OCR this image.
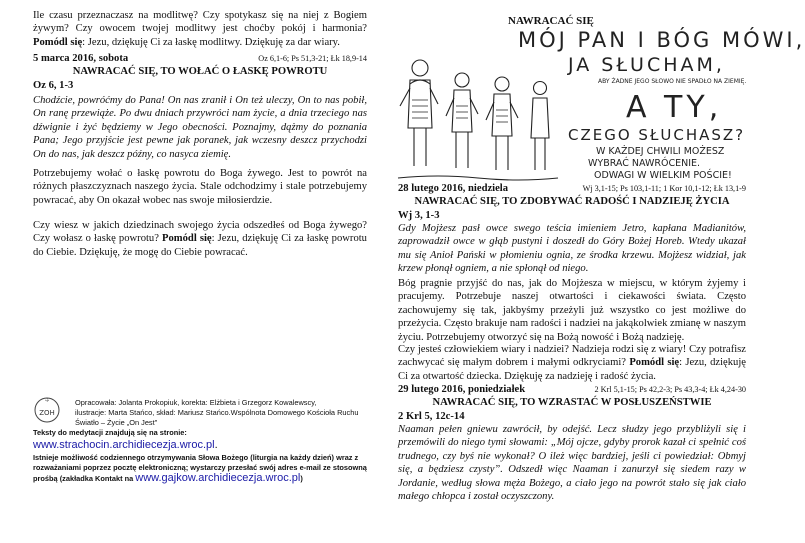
Ile czasu przeznaczasz na modlitwę? Czy spotykasz się na niej z Bogiem żywym? Czy owocem twojej modlitwy jest choćby pokój i harmonia? Pomódl się: Jezu, dziękuję Ci za łaskę modlitwy. Dziękuję za dar wiary.

5 marca 2016, sobota	Oz 6,1-6; Ps 51,3-21; Łk 18,9-14

NAWRACAĆ SIĘ, TO WOŁAĆ O ŁASKĘ POWROTU

Oz 6, 1-3

Chodźcie, powróćmy do Pana! On nas zranił i On też uleczy, On to nas pobił, On ranę przewiąże. Po dwu dniach przywróci nam życie, a dnia trzeciego nas dźwignie i żyć będziemy w Jego obecności. Poznajmy, dążmy do poznania Pana; Jego przyjście jest pewne jak poranek, jak wczesny deszcz przychodzi On do nas, jak deszcz późny, co nasyca ziemię.

Potrzebujemy wołać o łaskę powrotu do Boga żywego. Jest to powrót na różnych płaszczyznach naszego życia. Stale odchodzimy i stale potrzebujemy powracać, aby On okazał wobec nas swoje miłosierdzie.

Czy wiesz w jakich dziedzinach swojego życia odszedłeś od Boga żywego? Czy wołasz o łaskę powrotu? Pomódl się: Jezu, dziękuję Ci za łaskę powrotu do Ciebie. Dziękuję, że mogę do Ciebie powracać.

☩
ZOH
Opracowała: Jolanta Prokopiuk, korekta: Elżbieta i Grzegorz Kowalewscy,
ilustracje: Marta Stańco, skład: Mariusz Stańco.Wspólnota Domowego Kościoła Ruchu
Światło – Życie „On Jest"
Teksty do medytacji znajdują się na stronie:
www.strachocin.archidiecezja.wroc.pl.
Istnieje możliwość codziennego otrzymywania Słowa Bożego (liturgia na każdy dzień) wraz z
rozważaniami poprzez pocztę elektroniczną; wystarczy przesłać swój adres e-mail ze stosowną
prośbą (zakładka Kontakt na www.gajkow.archidiecezja.wroc.pl)

NAWRACAĆ SIĘ

MÓJ PAN I BÓG MÓWI,
JA SŁUCHAM,
ABY ŻADNE JEGO SŁOWO NIE SPADŁO NA ZIEMIĘ.
A TY,
CZEGO SŁUCHASZ?
W KAŻDEJ CHWILI MOŻESZ
WYBRAĆ NAWRÓCENIE.
ODWAGI W WIELKIM POŚCIE!
28 lutego 2016, niedziela	Wj 3,1-15; Ps 103,1-11; 1 Kor 10,1-12; Łk 13,1-9

NAWRACAĆ SIĘ, TO ZDOBYWAĆ RADOŚĆ I NADZIEJĘ ŻYCIA

Wj 3, 1-3

Gdy Mojżesz pasł owce swego teścia imieniem Jetro, kapłana Madianitów, zaprowadził owce w głąb pustyni i doszedł do Góry Bożej Horeb. Wtedy ukazał mu się Anioł Pański w płomieniu ognia, ze środka krzewu. Mojżesz widział, jak krzew płonął ogniem, a nie spłonął od niego.

Bóg pragnie przyjść do nas, jak do Mojżesza w miejscu, w którym żyjemy i pracujemy. Potrzebuje naszej otwartości i ciekawości świata. Często zachowujemy się tak, jakbyśmy przeżyli już wszystko co jest możliwe do przeżycia. Często brakuje nam radości i nadziei na jakąkolwiek zmianę w naszym życiu. Potrzebujemy otworzyć się na Bożą nowość i Bożą nadzieję.

Czy jesteś człowiekiem wiary i nadziei? Nadzieja rodzi się z wiary! Czy potrafisz zachwycać się małym dobrem i małymi odkryciami? Pomódl się: Jezu, dziękuję Ci za otwartość dziecka. Dziękuję za nadzieję i radość życia.

29 lutego 2016, poniedziałek	2 Krl 5,1-15; Ps 42,2-3; Ps 43,3-4; Łk 4,24-30

NAWRACAĆ SIĘ, TO WZRASTAĆ W POSŁUSZEŃSTWIE

2 Krl 5, 12c-14

Naaman pełen gniewu zawrócił, by odejść. Lecz słudzy jego przybliżyli się i przemówili do niego tymi słowami: „Mój ojcze, gdyby prorok kazał ci spełnić coś trudnego, czy byś nie wykonał? O ileż więc bardziej, jeśli ci powiedział: Obmyj się, a będziesz czysty”. Odszedł więc Naaman i zanurzył się siedem razy w Jordanie, według słowa męża Bożego, a ciało jego na powrót stało się jak ciało małego chłopca i został oczyszczony.
